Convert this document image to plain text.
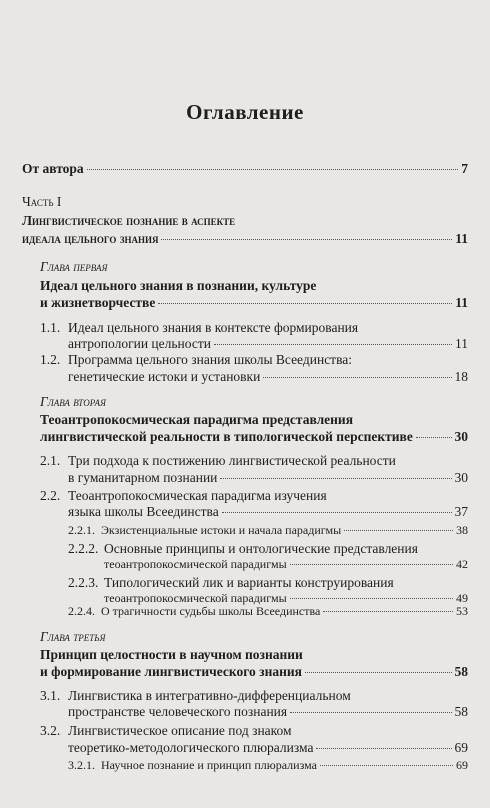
Оглавление
От автора	7
Часть I
Лингвистическое познание в аспекте
идеала цельного знания	11
Глава первая
Идеал цельного знания в познании, культуре
и жизнетворчестве	11
1.1. Идеал цельного знания в контексте формирования
антропологии цельности	11
1.2. Программа цельного знания школы Всеединства:
генетические истоки и установки	18
Глава вторая
Теоантропокосмическая парадигма представления
лингвистической реальности в типологической перспективе	30
2.1. Три подхода к постижению лингвистической реальности
в гуманитарном познании	30
2.2. Теоантропокосмическая парадигма изучения
языка школы Всеединства	37
2.2.1. Экзистенциальные истоки и начала парадигмы	38
2.2.2. Основные принципы и онтологические представления
теоантропокосмической парадигмы	42
2.2.3. Типологический лик и варианты конструирования
теоантропокосмической парадигмы	49
2.2.4. О трагичности судьбы школы Всеединства	53
Глава третья
Принцип целостности в научном познании
и формирование лингвистического знания	58
3.1. Лингвистика в интегративно-дифференциальном
пространстве человеческого познания	58
3.2. Лингвистическое описание под знаком
теоретико-методологического плюрализма	69
3.2.1. Научное познание и принцип плюрализма	69
